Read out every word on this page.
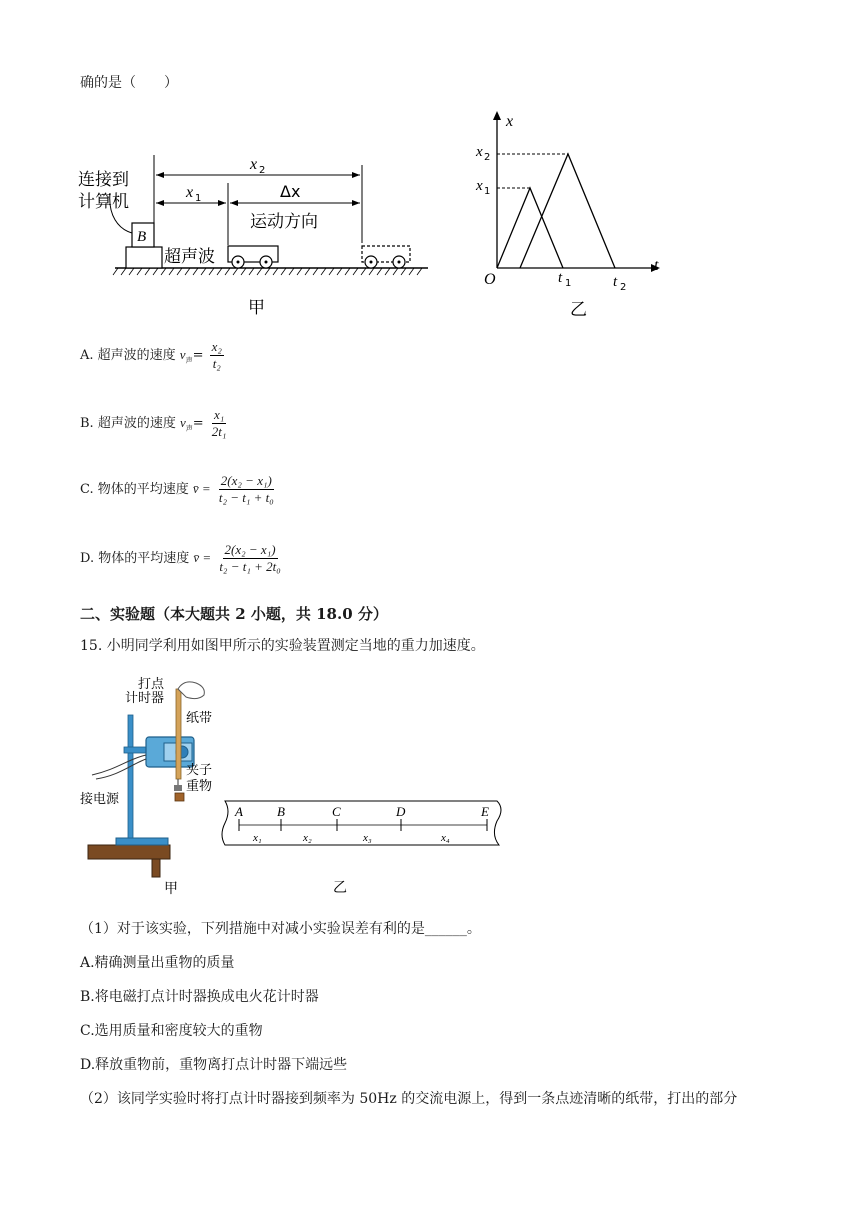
确的是（　　）
B
连接到
计算机
超声波
x 2
x 1	Δx
运动方向
甲
x
t
O
x 2
x 1
t 1	t 2
乙
A. 超声波的速度 $v_声= \frac{\text{x₂}}{\text{t₂}}$
B. 超声波的速度 $v_声= \frac{\text{x₁}}{\text{2t₁}}$
C. 物体的平均速度 v̄ = $\frac{\text{2(x₂ − x₁)}}{\text{t₂ − t₁ + t₀}}$
D. 物体的平均速度 v̄ = $\frac{\text{2(x₂ − x₁)}}{\text{t₂ − t₁ + 2t₀}}$
二、实验题（本大题共 2 小题，共 18.0 分）
15. 小明同学利用如图甲所示的实验装置测定当地的重力加速度。
打点
计时器
纸带
夹子
重物
接电源
甲
A	B	C	D	E
x₁	x₂	x₃	x₄
乙
（1）对于该实验，下列措施中对减小实验误差有利的是______。
A.精确测量出重物的质量
B.将电磁打点计时器换成电火花计时器
C.选用质量和密度较大的重物
D.释放重物前，重物离打点计时器下端远些
（2）该同学实验时将打点计时器接到频率为 50Hz 的交流电源上，得到一条点迹清晰的纸带，打出的部分
